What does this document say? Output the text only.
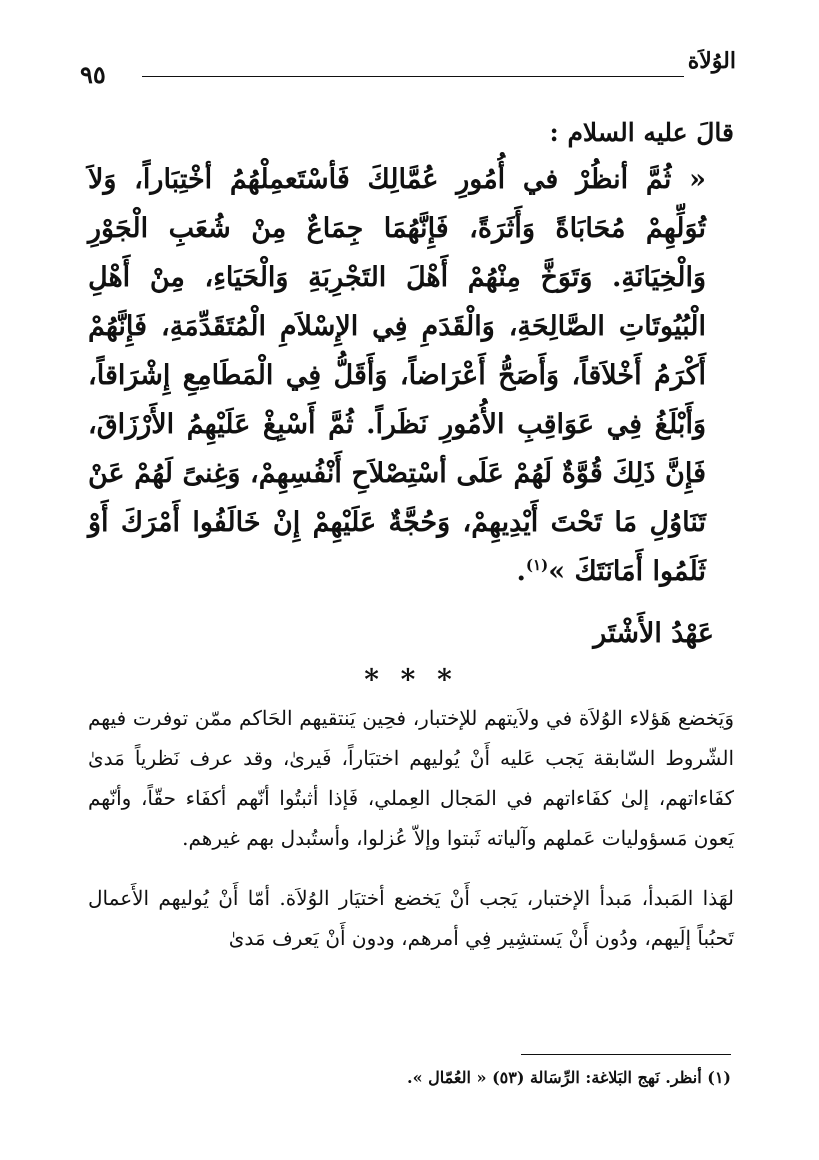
الوُلاَة
٩٥
قالَ عليه السلام :
« ثُمَّ أنظُرْ في أُمُورِ عُمَّالِكَ فَأسْتَعمِلْهُمُ أخْتِبَاراً، وَلاَ تُوَلِّهِمْ مُحَابَاةً وَأَثَرَةً، فَإِنَّهُمَا جِمَاعٌ مِنْ شُعَبِ الْجَوْرِ وَالْخِيَانَةِ. وَتَوَخَّ مِنْهُمْ أَهْلَ التَجْرِبَةِ وَالْحَيَاءِ، مِنْ أَهْلِ الْبُيُوتَاتِ الصَّالِحَةِ، وَالْقَدَمِ فِي الإِسْلاَمِ الْمُتَقَدِّمَةِ، فَإِنَّهُمْ أَكْرَمُ أَخْلاَقاً، وَأَصَحُّ أَعْرَاضاً، وَأَقَلُّ فِي الْمَطَامِعِ إِشْرَاقاً، وَأَبْلَغُ فِي عَوَاقِبِ الأُمُورِ نَظَراً. ثُمَّ أَسْبِغْ عَلَيْهِمُ الأَرْزَاقَ، فَإِنَّ ذَلِكَ قُوَّةٌ لَهُمْ عَلَى أسْتِصْلاَحِ أَنْفُسِهِمْ، وَغِنىً لَهُمْ عَنْ تَنَاوُلِ مَا تَحْتَ أَيْدِيهِمْ، وَحُجَّةٌ عَلَيْهِمْ إِنْ خَالَفُوا أَمْرَكَ أَوْ ثَلَمُوا أَمَانَتَكَ »$^{(١)}$.
عَهْدُ الأَشْتَر
* * *

وَيَخضع هَؤلاء الوُلاَة في ولاَيتهم للإختبار، فحِين يَنتقيهم الحَاكم ممّن توفرت فيهم الشّروط السّابقة يَجب عَليه أَنْ يُوليهم اختبَاراً، فَيرىٰ، وقد عرف نَظرياً مَدىٰ كفَاءاتهم، إلىٰ كفَاءاتهم في المَجال العِملي، فَإذا أثبتُوا أنّهم أكفَاء حقّاً، وأنّهم يَعون مَسؤوليات عَملهم وآلياته ثَبتوا وإلاّ عُزلوا، وأستُبدل بهم غيرهم.

لهَذا المَبدأ، مَبدأ الإختبار، يَجب أَنْ يَخضع أختيَار الوُلاَة. أمّا أَنْ يُوليهم الأَعمال تَحبُباً إلَيهم، ودُون أَنْ يَستشِير فِي أمرهم، ودون أَنْ يَعرف مَدىٰ

(١) أنظر. نَهج البَلاغة: الرِّسَالة (٥٣) « العُمّال ».
